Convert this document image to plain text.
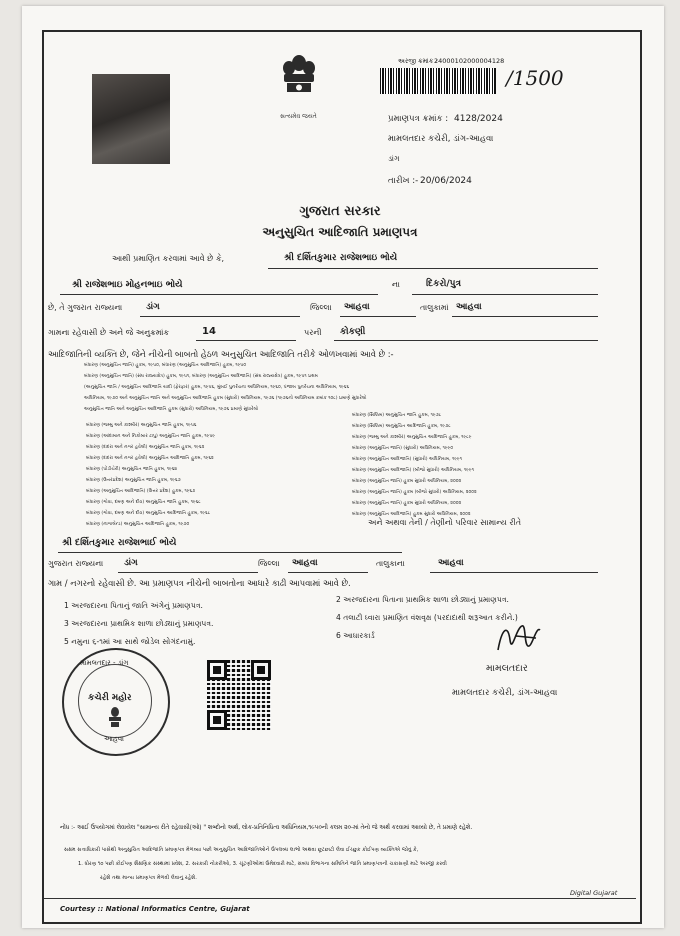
સત્યમેવ જયતે
અરજી ક્રમાંક :
24000102000004128
/1500
પ્રમાણપત્ર ક્રમાંક : 4128/2024
મામલતદાર કચેરી, ડાંગ-આહવા
ડાંગ
તારીખ :- 20/06/2024
ગુજરાત સરકાર
અનુસુચિત આદિજાતિ પ્રમાણપત્ર
આથી પ્રમાણિત કરવામાં આવે છે કે,	શ્રી દર્શિતકુમાર રાજેશભાઇ ભોયે
શ્રી રાજેશભાઇ મોહનભાઇ ભોયે	ના	દિકરો/પુત્ર
છે, તે ગુજરાત રાજ્યના	ડાંગ	જિલ્લા આહવા	તાલુકામાં આહવા
ગામના રહેવાસી છે અને જે અનુક્રમાંક	14	પરની કોકણી
આદિજાતિની વ્યક્તિ છે, જેને નીચેની બાબતો હેઠળ અનુસુચિત આદિજાતિ તરીકે ઓળખવામાં આવે છે :-
બંધારણ (અનુસુચિત જાતિ) હુકમ, ૧૯૫૦, બંધારણ (અનુસુચિત આદિજાતિ) હુકમ, ૧૯૫૦
બંધારણ (અનુસુચિત જાતિ) (સંઘ રાજ્યક્ષેત્ર) હુકમ, ૧૯૫૧, બંધારણ (અનુસુચિત આદિજાતિ) (સંઘ રાજ્યક્ષેત્ર) હુકમ, ૧૯૫૧ પ્રથમ
(અનુસુચિત જાતિ / અનુસુચિત આદિજાતિ યાદી (ફેરફાર) હુકમ, ૧૯૫૬, મુંબઈ પુનર્રચના અધિનિયમ, ૧૯૬૦, પંજાબ પુનર્રચના અધિનિયમ, ૧૯૬૬
અધિનિયમ, ૧૯૭૦ અને અનુસુચિત જાતિ અને અનુસુચિત આદિજાતિ હુકમ (સુધારો) અધિનિયમ, ૧૯૭૬ (૧૯૭૬નો અધિનિયમ ક્રમાંક ૧૦૮) પ્રમાણે સુધારેલો
અનુસુચિત જાતિ અને અનુસુચિત આદિજાતિ હુકમ (સુધારો) અધિનિયમ, ૧૯૭૬ પ્રમાણે સુધારેલો
બંધારણ (જમ્મુ અને કાશ્મીર) અનુસુચિત જાતિ હુકમ, ૧૯૫૬
બંધારણ (આંદામાન અને નિકોબાર ટાપુ) અનુસુચિત જાતિ હુકમ, ૧૯૫૯
બંધારણ (દાદરા અને નગર હવેલી) અનુસુચિત જાતિ હુકમ, ૧૯૬૨
બંધારણ (દાદરા અને નગર હવેલી) અનુસુચિત આદિજાતિ હુકમ, ૧૯૬૨
બંધારણ (પોંડીચેરી) અનુસુચિત જાતિ હુકમ, ૧૯૬૪
બંધારણ (ઉત્તરપ્રદેશ) અનુસુચિત જાતિ હુકમ, ૧૯૬૭
બંધારણ (અનુસુચિત આદિજાતિ) (ઉત્તર પ્રદેશ) હુકમ, ૧૯૬૭
બંધારણ (ગોવા, દમણ અને દીવ) અનુસુચિત જાતિ હુકમ, ૧૯૬૮
બંધારણ (ગોવા, દમણ અને દીવ) અનુસુચિત આદિજાતિ હુકમ, ૧૯૬૮
બંધારણ (નાગાલેન્ડ) અનુસુચિત આદિજાતિ હુકમ, ૧૯૭૦
બંધારણ (સિક્કિમ) અનુસુચિત જાતિ હુકમ, ૧૯૭૮
બંધારણ (સિક્કિમ) અનુસુચિત આદિજાતિ હુકમ, ૧૯૭૮
બંધારણ (જમ્મુ અને કાશ્મીર) અનુસુચિત આદિજાતિ હુકમ, ૧૯૮૯
બંધારણ (અનુસુચિત જાતિ) (સુધારો) અધિનિયમ, ૧૯૯૦
બંધારણ (અનુસુચિત આદિજાતિ) (સુધારો) અધિનિયમ, ૧૯૯૧
બંધારણ (અનુસુચિત આદિજાતિ) (બીજો સુધારો) અધિનિયમ, ૧૯૯૧
બંધારણ (અનુસુચિત જાતિ) હુકમ સુધારો અધિનિયમ, ૨૦૦૨
બંધારણ (અનુસુચિત જાતિ) હુકમ (બીજો સુધારો) અધિનિયમ, ૨૦૦૨
બંધારણ (અનુસુચિત જાતિ) હુકમ સુધારો અધિનિયમ, ૨૦૦૨
બંધારણ (અનુસુચિત આદિજાતિ) હુકમ સુધારો અધિનિયમ, ૨૦૦૨
અને અથવા તેની / તેણીનો પરિવાર સામાન્ય રીતે
શ્રી દર્શિતકુમાર રાજેશભાઈ ભોયે
ગુજરાત રાજ્યના ડાંગ	જિલ્લા આહવા	તાલુકાના	આહવા
ગામ / નગરનો રહેવાસી છે. આ પ્રમાણપત્ર નીચેની બાબતોના આધારે કાઢી આપવામાં આવે છે.
1 અરજદારના પિતાનું જાતિ અંગેનું પ્રમાણપત્ર.
2 અરજદારના પિતાના પ્રાથમિક શાળા છોડ્યાનું પ્રમાણપત્ર.
3 અરજદારના પ્રાથમિક શાળા છોડ્યાનું પ્રમાણપત્ર.
4 તલાટી ધ્વારા પ્રમાણિત વંશવૃક્ષ (પરદાદાથી શરૂઆત કરીને.)
5 નમુના ૬-૧માં આ સાથે જોડેલ સોગંદનામું.
6 આધારકાર્ડ
મામલતદાર - ડાંગ
કચેરી મહોર
આહવા
મામલતદાર
મામલતદાર કચેરી, ડાંગ-આહવા
નોંધ :- આઈ ઉપયોગમાં લેવાયેલ "સામાન્ય રીતે રહેવાસી(ઓ) " શબ્દોનો અર્થ, લોક-પ્રતિનિધિત્વ અધિનિયમ,૧૯૫૦ની કલમ ૨૦-માં તેનો જે અર્થ કરવામાં આવ્યો છે, તે પ્રમાણે રહેશે.
સક્ષમ સત્તાધિકારી પાસેથી અનુસુચિત આદિજાતિ પ્રમાણપત્ર મેળવ્યા પછી અનુસુચિત આદિજાતિઓને ઉપલબ્ધ લાભો અથવા છૂટછાટો લેવા ઈચ્છુક કોઈપણ વ્યક્તિએ જોવું કે,
1. ધોરણ ૧૦ પછી કોઈપણ શૈક્ષણિક સંસ્થામાં પ્રવેશ, 2. સરકારી નોકરીઓ, 3. ચૂંટણીઓમાં ઉમેદવારી માટે, સંબંધ વિભાગના સમિતિને જાતિ પ્રમાણપત્રની ચકાસણી માટે અરજી કરવી
રહેશે તથા માન્ય પ્રમાણપત્ર મેળવી લેવાનું રહેશે.
Courtesy :: National Informatics Centre, Gujarat
Digital Gujarat
